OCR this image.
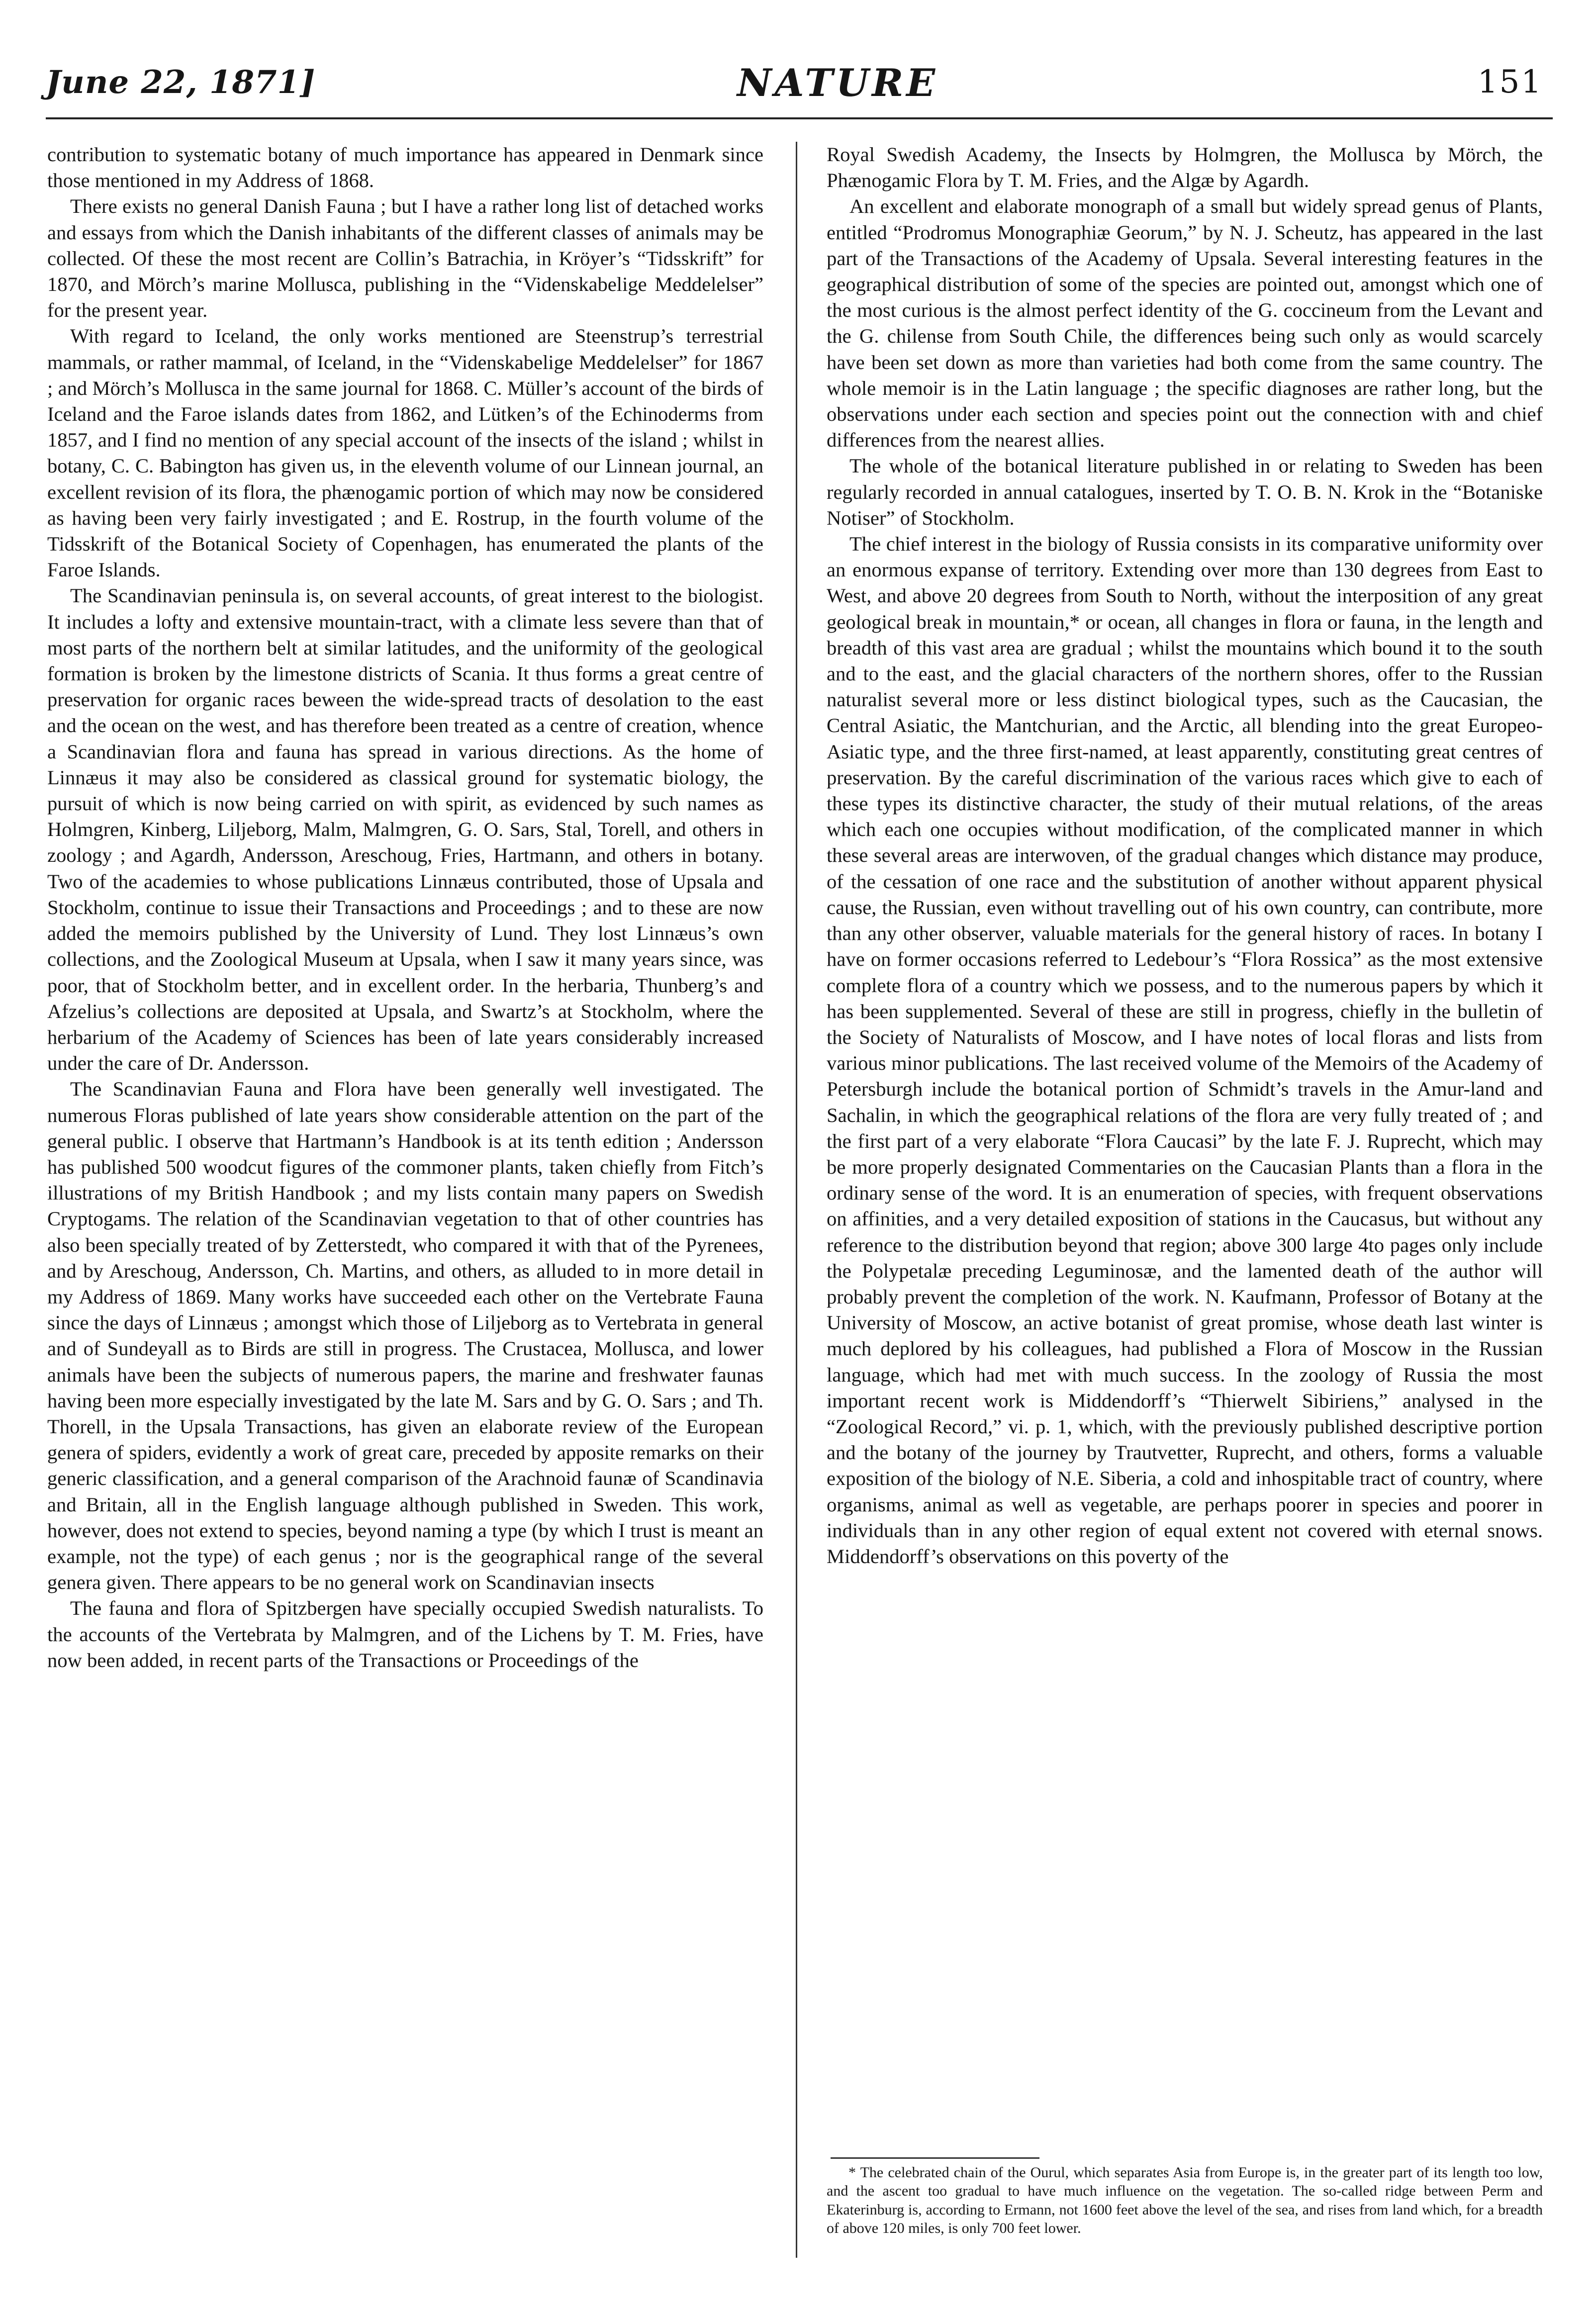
June 22, 1871]	NATURE	151

contribution to systematic botany of much importance has appeared in Denmark since those mentioned in my Address of 1868.

There exists no general Danish Fauna ; but I have a rather long list of detached works and essays from which the Danish inhabitants of the different classes of animals may be collected. Of these the most recent are Collin’s Batrachia, in Kröyer’s “Tidsskrift” for 1870, and Mörch’s marine Mollusca, publishing in the “Videnskabelige Meddelelser” for the present year.

With regard to Iceland, the only works mentioned are Steenstrup’s terrestrial mammals, or rather mammal, of Iceland, in the “Videnskabelige Meddelelser” for 1867 ; and Mörch’s Mollusca in the same journal for 1868. C. Müller’s account of the birds of Iceland and the Faroe islands dates from 1862, and Lütken’s of the Echinoderms from 1857, and I find no mention of any special account of the insects of the island ; whilst in botany, C. C. Babington has given us, in the eleventh volume of our Linnean journal, an excellent revision of its flora, the phænogamic portion of which may now be considered as having been very fairly investigated ; and E. Rostrup, in the fourth volume of the Tidsskrift of the Botanical Society of Copenhagen, has enumerated the plants of the Faroe Islands.

The Scandinavian peninsula is, on several accounts, of great interest to the biologist. It includes a lofty and extensive mountain-tract, with a climate less severe than that of most parts of the northern belt at similar latitudes, and the uniformity of the geological formation is broken by the limestone districts of Scania. It thus forms a great centre of preservation for organic races beween the wide-spread tracts of desolation to the east and the ocean on the west, and has therefore been treated as a centre of creation, whence a Scandinavian flora and fauna has spread in various directions. As the home of Linnæus it may also be considered as classical ground for systematic biology, the pursuit of which is now being carried on with spirit, as evidenced by such names as Holmgren, Kinberg, Liljeborg, Malm, Malmgren, G. O. Sars, Stal, Torell, and others in zoology ; and Agardh, Andersson, Areschoug, Fries, Hartmann, and others in botany. Two of the academies to whose publications Linnæus contributed, those of Upsala and Stockholm, continue to issue their Transactions and Proceedings ; and to these are now added the memoirs published by the University of Lund. They lost Linnæus’s own collections, and the Zoological Museum at Upsala, when I saw it many years since, was poor, that of Stockholm better, and in excellent order. In the herbaria, Thunberg’s and Afzelius’s collections are deposited at Upsala, and Swartz’s at Stockholm, where the herbarium of the Academy of Sciences has been of late years considerably increased under the care of Dr. Andersson.

The Scandinavian Fauna and Flora have been generally well investigated. The numerous Floras published of late years show considerable attention on the part of the general public. I observe that Hartmann’s Handbook is at its tenth edition ; Andersson has published 500 woodcut figures of the commoner plants, taken chiefly from Fitch’s illustrations of my British Handbook ; and my lists contain many papers on Swedish Cryptogams. The relation of the Scandinavian vegetation to that of other countries has also been specially treated of by Zetterstedt, who compared it with that of the Pyrenees, and by Areschoug, Andersson, Ch. Martins, and others, as alluded to in more detail in my Address of 1869. Many works have succeeded each other on the Vertebrate Fauna since the days of Linnæus ; amongst which those of Liljeborg as to Vertebrata in general and of Sundeyall as to Birds are still in progress. The Crustacea, Mollusca, and lower animals have been the subjects of numerous papers, the marine and freshwater faunas having been more especially investigated by the late M. Sars and by G. O. Sars ; and Th. Thorell, in the Upsala Transactions, has given an elaborate review of the European genera of spiders, evidently a work of great care, preceded by apposite remarks on their generic classification, and a general comparison of the Arachnoid faunæ of Scandinavia and Britain, all in the English language although published in Sweden. This work, however, does not extend to species, beyond naming a type (by which I trust is meant an example, not the type) of each genus ; nor is the geographical range of the several genera given. There appears to be no general work on Scandinavian insects

The fauna and flora of Spitzbergen have specially occupied Swedish naturalists. To the accounts of the Vertebrata by Malmgren, and of the Lichens by T. M. Fries, have now been added, in recent parts of the Transactions or Proceedings of the

Royal Swedish Academy, the Insects by Holmgren, the Mollusca by Mörch, the Phænogamic Flora by T. M. Fries, and the Algæ by Agardh.

An excellent and elaborate monograph of a small but widely spread genus of Plants, entitled “Prodromus Monographiæ Georum,” by N. J. Scheutz, has appeared in the last part of the Transactions of the Academy of Upsala. Several interesting features in the geographical distribution of some of the species are pointed out, amongst which one of the most curious is the almost perfect identity of the G. coccineum from the Levant and the G. chilense from South Chile, the differences being such only as would scarcely have been set down as more than varieties had both come from the same country. The whole memoir is in the Latin language ; the specific diagnoses are rather long, but the observations under each section and species point out the connection with and chief differences from the nearest allies.

The whole of the botanical literature published in or relating to Sweden has been regularly recorded in annual catalogues, inserted by T. O. B. N. Krok in the “Botaniske Notiser” of Stockholm.

The chief interest in the biology of Russia consists in its comparative uniformity over an enormous expanse of territory. Extending over more than 130 degrees from East to West, and above 20 degrees from South to North, without the interposition of any great geological break in mountain,* or ocean, all changes in flora or fauna, in the length and breadth of this vast area are gradual ; whilst the mountains which bound it to the south and to the east, and the glacial characters of the northern shores, offer to the Russian naturalist several more or less distinct biological types, such as the Caucasian, the Central Asiatic, the Mantchurian, and the Arctic, all blending into the great Europeo-Asiatic type, and the three first-named, at least apparently, constituting great centres of preservation. By the careful discrimination of the various races which give to each of these types its distinctive character, the study of their mutual relations, of the areas which each one occupies without modification, of the complicated manner in which these several areas are interwoven, of the gradual changes which distance may produce, of the cessation of one race and the substitution of another without apparent physical cause, the Russian, even without travelling out of his own country, can contribute, more than any other observer, valuable materials for the general history of races. In botany I have on former occasions referred to Ledebour’s “Flora Rossica” as the most extensive complete flora of a country which we possess, and to the numerous papers by which it has been supplemented. Several of these are still in progress, chiefly in the bulletin of the Society of Naturalists of Moscow, and I have notes of local floras and lists from various minor publications. The last received volume of the Memoirs of the Academy of Petersburgh include the botanical portion of Schmidt’s travels in the Amur-land and Sachalin, in which the geographical relations of the flora are very fully treated of ; and the first part of a very elaborate “Flora Caucasi” by the late F. J. Ruprecht, which may be more properly designated Commentaries on the Caucasian Plants than a flora in the ordinary sense of the word. It is an enumeration of species, with frequent observations on affinities, and a very detailed exposition of stations in the Caucasus, but without any reference to the distribution beyond that region; above 300 large 4to pages only include the Polypetalæ preceding Leguminosæ, and the lamented death of the author will probably prevent the completion of the work. N. Kaufmann, Professor of Botany at the University of Moscow, an active botanist of great promise, whose death last winter is much deplored by his colleagues, had published a Flora of Moscow in the Russian language, which had met with much success. In the zoology of Russia the most important recent work is Middendorff’s “Thierwelt Sibiriens,” analysed in the “Zoological Record,” vi. p. 1, which, with the previously published descriptive portion and the botany of the journey by Trautvetter, Ruprecht, and others, forms a valuable exposition of the biology of N.E. Siberia, a cold and inhospitable tract of country, where organisms, animal as well as vegetable, are perhaps poorer in species and poorer in individuals than in any other region of equal extent not covered with eternal snows. Middendorff’s observations on this poverty of the

* The celebrated chain of the Ourul, which separates Asia from Europe is, in the greater part of its length too low, and the ascent too gradual to have much influence on the vegetation. The so-called ridge between Perm and Ekaterinburg is, according to Ermann, not 1600 feet above the level of the sea, and rises from land which, for a breadth of above 120 miles, is only 700 feet lower.
